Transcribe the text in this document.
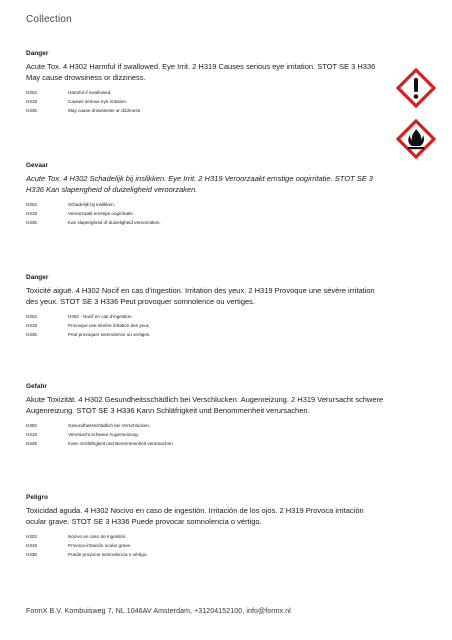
Collection
Danger
Acute Tox. 4 H302 Harmful if swallowed. Eye Irrit. 2 H319 Causes serious eye irritation. STOT SE 3 H336 May cause drowsiness or dizziness.
H302	Harmful if swallowed.
H319	Causes serious eye irritation.
H336	May cause drowsiness or dizziness.
Gevaar
Acute Tox. 4 H302 Schadelijk bij inslikken. Eye Irrit. 2 H319 Veroorzaakt ernstige oogirritatie. STOT SE 3 H336 Kan slaperigheid of duizeligheid veroorzaken.
H302	Schadelijk bij inslikken.
H319	Veroorzaakt ernstige oogirritatie.
H336	Kan slaperigheid of duizeligheid veroorzaken.
Danger
Toxicité aiguë. 4 H302 Nocif en cas d'ingestion. Irritation des yeux. 2 H319 Provoque une sévère irritation des yeux. STOT SE 3 H336 Peut provoquer somnolence ou vertiges.
H302	H302 - Nocif en cas d'ingestion.
H319	Provoque une sévère irritation des yeux.
H336	Peut provoquer somnolence ou vertiges.
Gefahr
Akute Toxizität. 4 H302 Gesundheitsschädlich bei Verschlucken. Augenreizung. 2 H319 Verursacht schwere Augenreizung. STOT SE 3 H336 Kann Schläfrigkeit und Benommenheit verursachen.
H302	Gesundheitsschädlich bei Verschlucken.
H319	Verursacht schwere Augenreizung.
H336	Kann Schläfrigkeit und Benommenheit verursachen.
Peligro
Toxicidad aguda. 4 H302 Nocivo en caso de ingestión. Irritación de los ojos. 2 H319 Provoca irritación ocular grave. STOT SE 3 H336 Puede provocar somnolencia o vértigo.
H302	Nocivo en caso de ingestión.
H319	Provoca irritación ocular grave.
H336	Puede provocar somnolencia o vértigo.

FormX B.V. Kombuisweg 7, NL 1046AV Amsterdam, +31204152100, info@formx.nl
